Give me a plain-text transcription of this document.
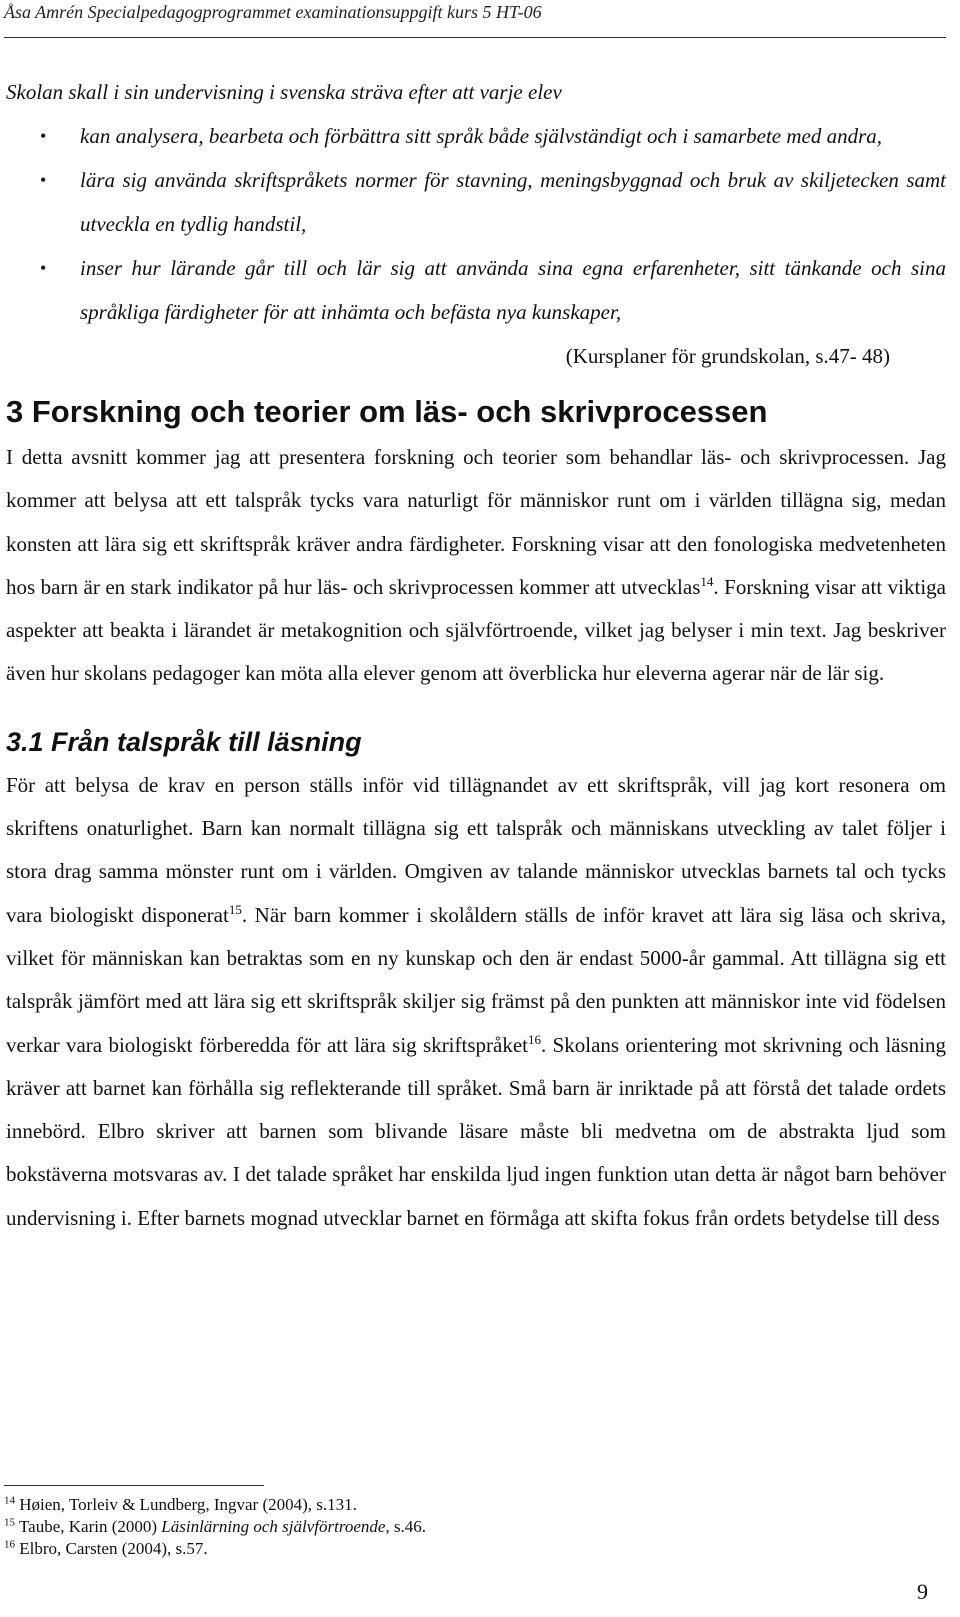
Åsa Amrén Specialpedagogprogrammet examinationsuppgift kurs 5 HT-06

Skolan skall i sin undervisning i svenska sträva efter att varje elev

• kan analysera, bearbeta och förbättra sitt språk både självständigt och i samarbete med andra,
• lära sig använda skriftspråkets normer för stavning, meningsbyggnad och bruk av skiljetecken samt utveckla en tydlig handstil,
• inser hur lärande går till och lär sig att använda sina egna erfarenheter, sitt tänkande och sina språkliga färdigheter för att inhämta och befästa nya kunskaper,

(Kursplaner för grundskolan, s.47- 48)

3 Forskning och teorier om läs- och skrivprocessen

I detta avsnitt kommer jag att presentera forskning och teorier som behandlar läs- och skrivprocessen. Jag kommer att belysa att ett talspråk tycks vara naturligt för människor runt om i världen tillägna sig, medan konsten att lära sig ett skriftspråk kräver andra färdigheter. Forskning visar att den fonologiska medvetenheten hos barn är en stark indikator på hur läs- och skrivprocessen kommer att utvecklas$^{14}$. Forskning visar att viktiga aspekter att beakta i lärandet är metakognition och självförtroende, vilket jag belyser i min text. Jag beskriver även hur skolans pedagoger kan möta alla elever genom att överblicka hur eleverna agerar när de lär sig.

3.1 Från talspråk till läsning

För att belysa de krav en person ställs inför vid tillägnandet av ett skriftspråk, vill jag kort resonera om skriftens onaturlighet. Barn kan normalt tillägna sig ett talspråk och människans utveckling av talet följer i stora drag samma mönster runt om i världen. Omgiven av talande människor utvecklas barnets tal och tycks vara biologiskt disponerat$^{15}$. När barn kommer i skolåldern ställs de inför kravet att lära sig läsa och skriva, vilket för människan kan betraktas som en ny kunskap och den är endast 5000-år gammal. Att tillägna sig ett talspråk jämfört med att lära sig ett skriftspråk skiljer sig främst på den punkten att människor inte vid födelsen verkar vara biologiskt förberedda för att lära sig skriftspråket$^{16}$. Skolans orientering mot skrivning och läsning kräver att barnet kan förhålla sig reflekterande till språket. Små barn är inriktade på att förstå det talade ordets innebörd. Elbro skriver att barnen som blivande läsare måste bli medvetna om de abstrakta ljud som bokstäverna motsvaras av. I det talade språket har enskilda ljud ingen funktion utan detta är något barn behöver undervisning i. Efter barnets mognad utvecklar barnet en förmåga att skifta fokus från ordets betydelse till dess

$^{14}$ Høien, Torleiv & Lundberg, Ingvar (2004), s.131.
$^{15}$ Taube, Karin (2000) Läsinlärning och självförtroende, s.46.
$^{16}$ Elbro, Carsten (2004), s.57.
9
